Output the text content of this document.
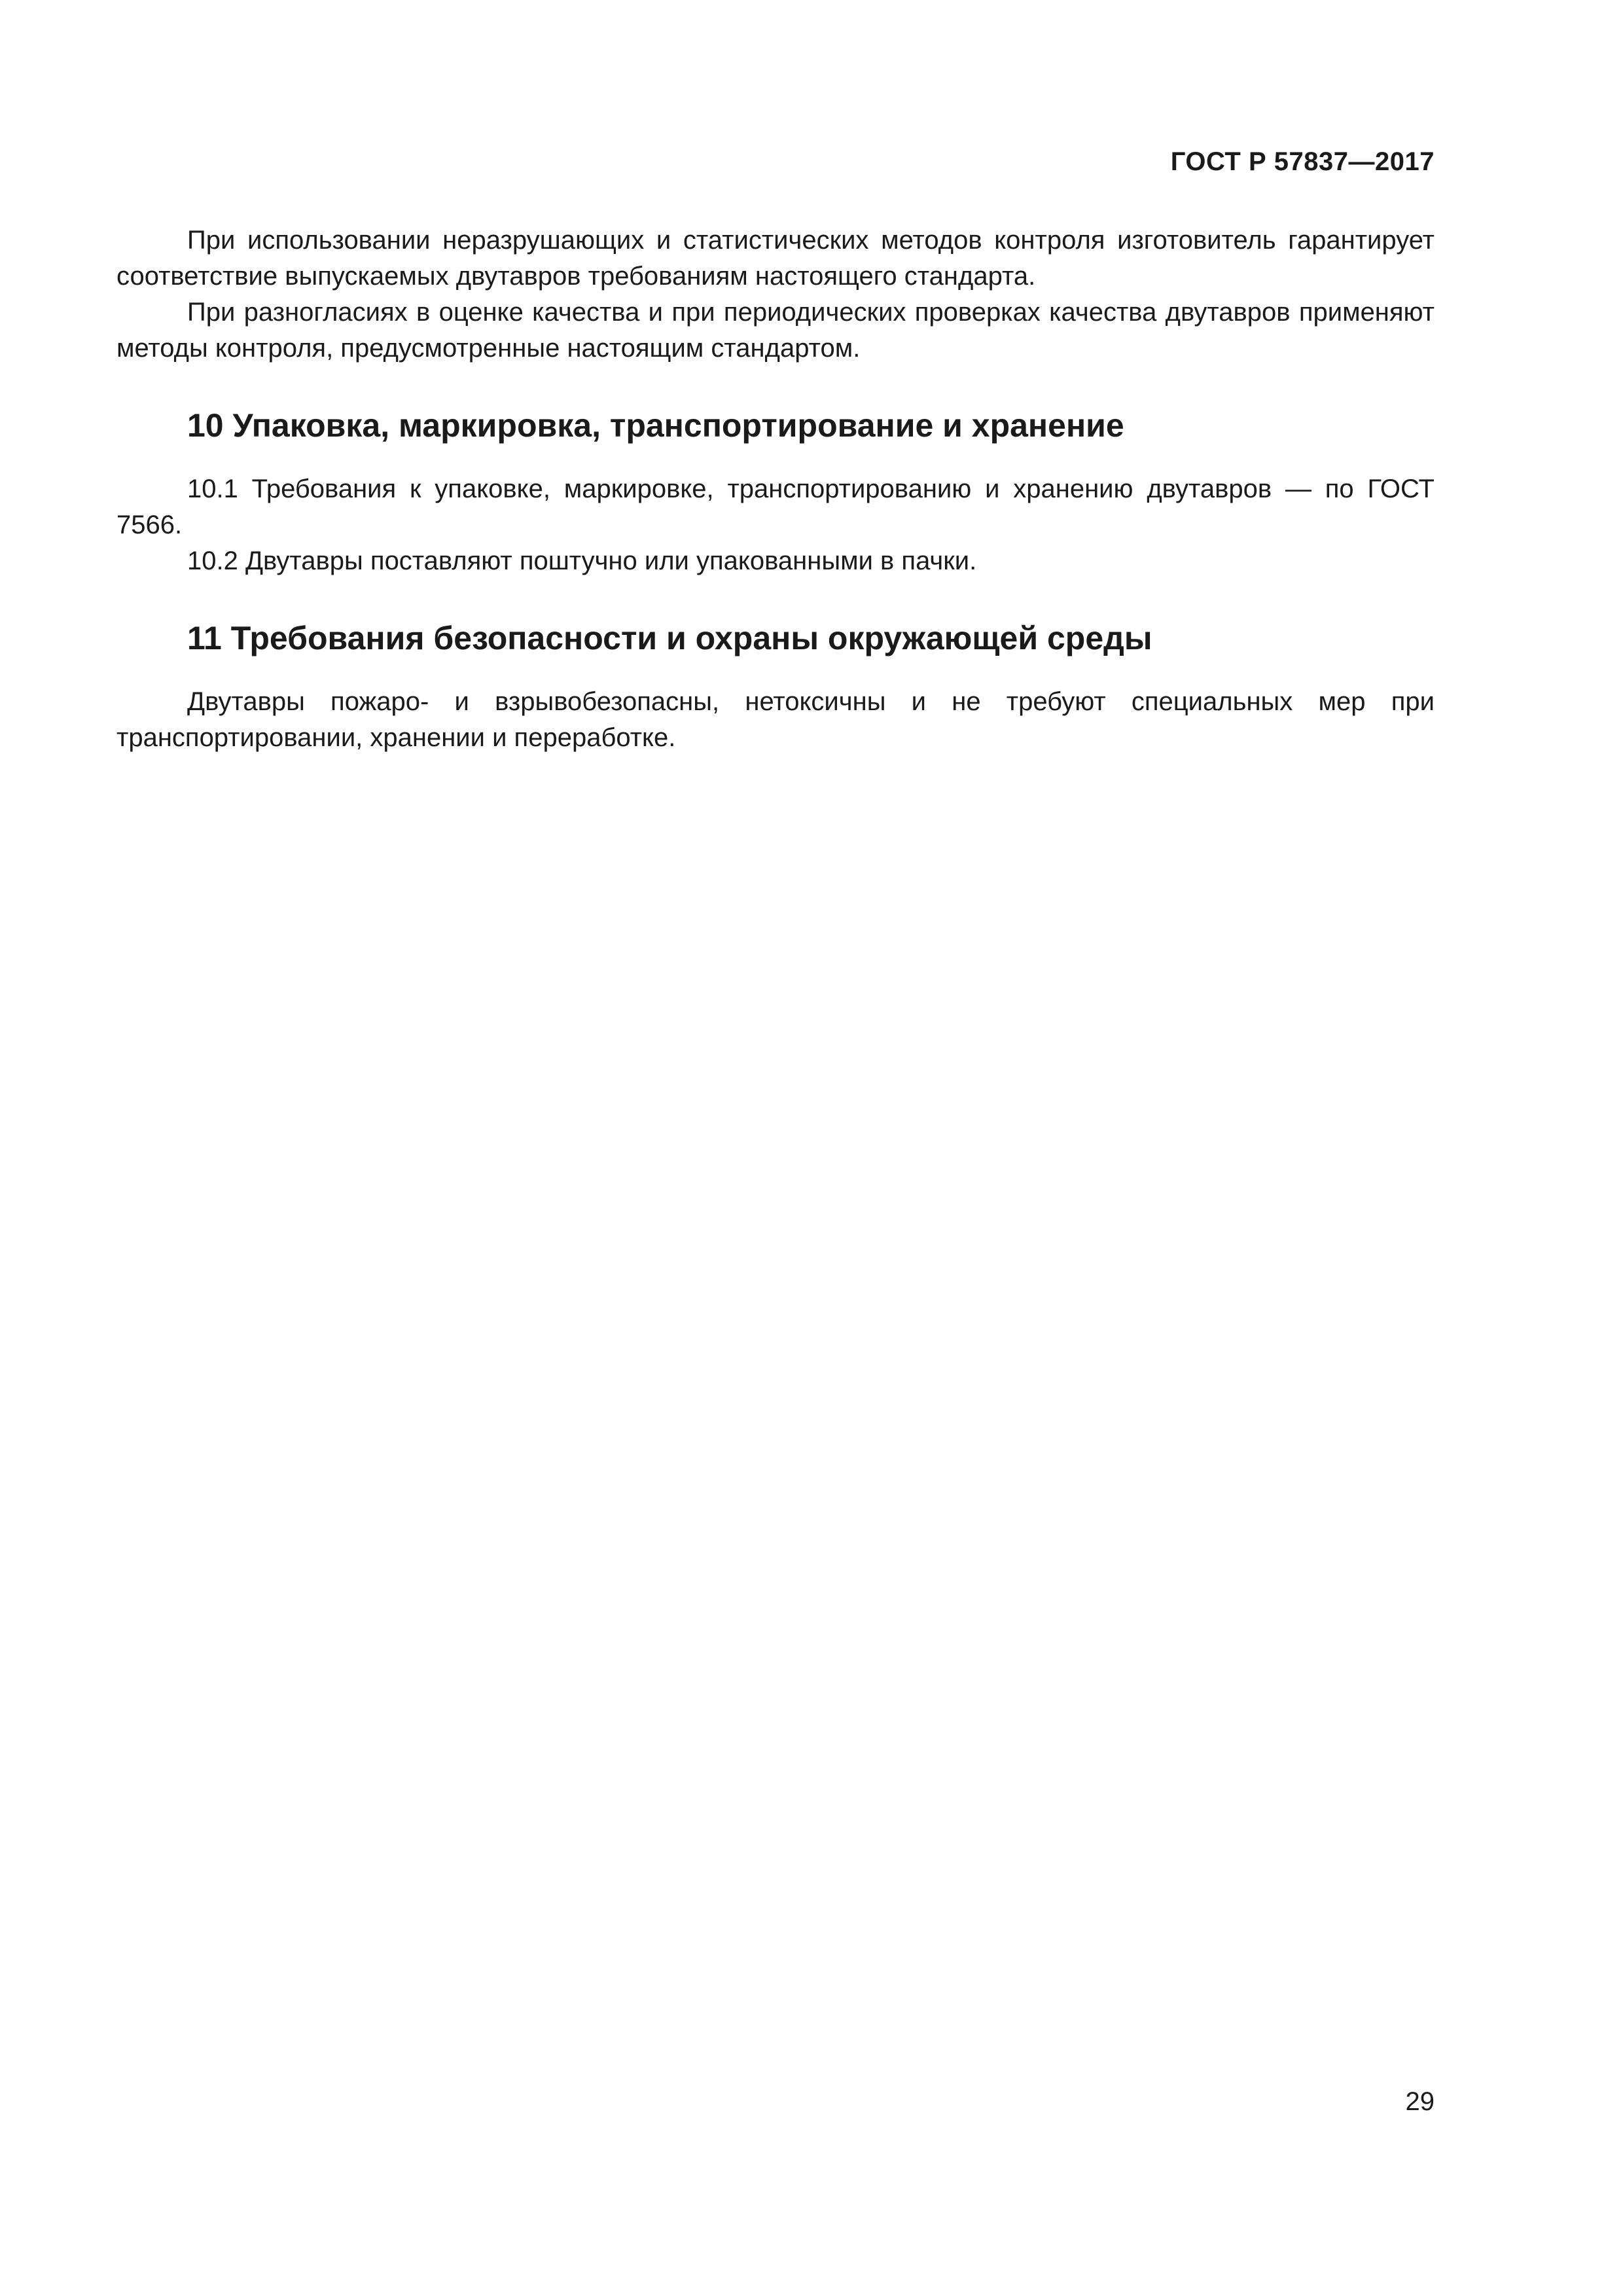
ГОСТ Р 57837—2017

При использовании неразрушающих и статистических методов контроля изготовитель гарантирует соответствие выпускаемых двутавров требованиям настоящего стандарта.

При разногласиях в оценке качества и при периодических проверках качества двутавров применяют методы контроля, предусмотренные настоящим стандартом.

10 Упаковка, маркировка, транспортирование и хранение

10.1 Требования к упаковке, маркировке, транспортированию и хранению двутавров — по ГОСТ 7566.

10.2 Двутавры поставляют поштучно или упакованными в пачки.

11 Требования безопасности и охраны окружающей среды

Двутавры пожаро- и взрывобезопасны, нетоксичны и не требуют специальных мер при транспортировании, хранении и переработке.

29
